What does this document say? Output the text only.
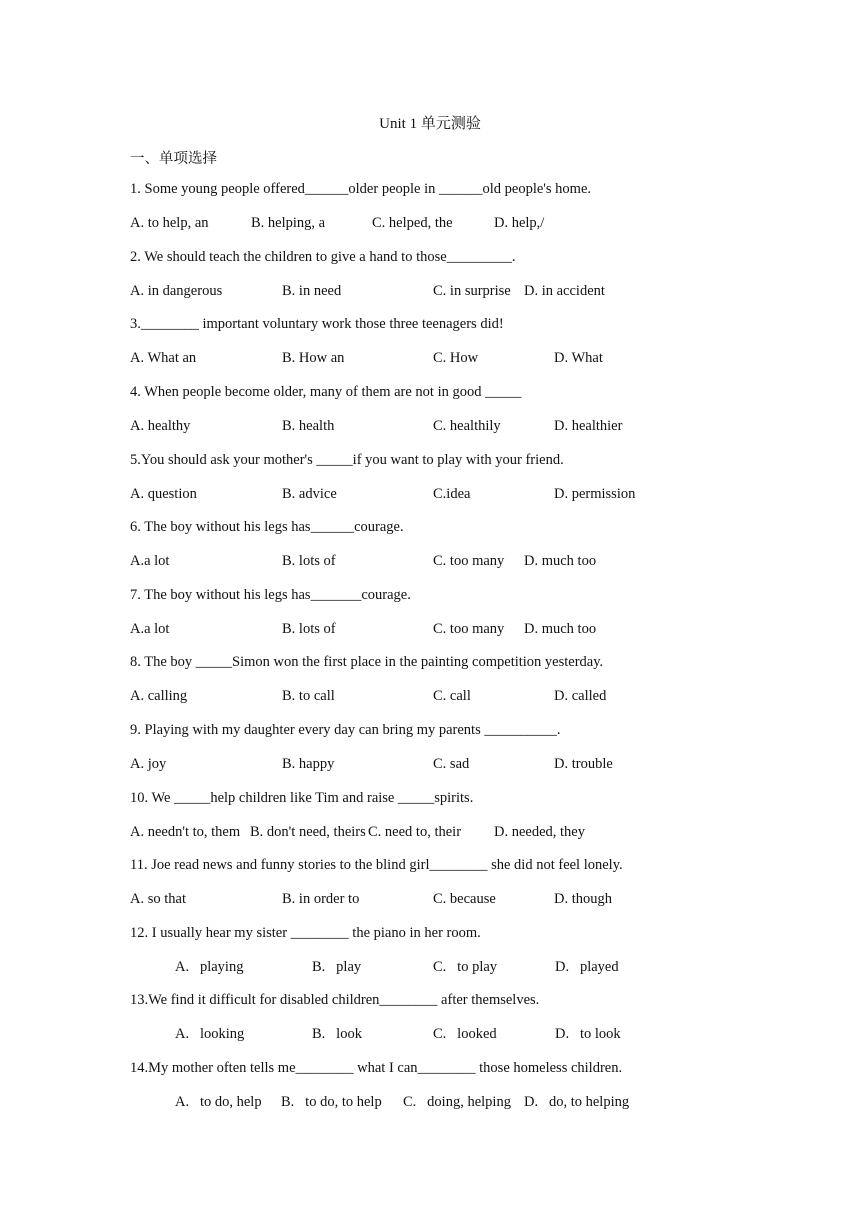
Unit 1 单元测验
一、单项选择
1. Some young people offered______older people in ______old people's home.
A. to help, an	B. helping, a	C. helped, the	D. help,/
2. We should teach the children to give a hand to those_________.
A. in dangerous	B. in need	C. in surprise D. in accident
3.________ important voluntary work those three teenagers did!
A. What an	B. How an	C. How	D. What
4. When people become older, many of them are not in good _____
A. healthy	B. health	C. healthily	D. healthier
5.You should ask your mother's _____if you want to play with your friend.
A. question	B. advice	C.idea	D. permission
6. The boy without his legs has______courage.
A.a lot	B. lots of	C. too many D. much too
7. The boy without his legs has_______courage.
A.a lot	B. lots of	C. too many D. much too
8. The boy _____Simon won the first place in the painting competition yesterday.
A. calling	B. to call	C. call	D. called
9. Playing with my daughter every day can bring my parents __________.
A. joy	B. happy	C. sad	D. trouble
10. We _____help children like Tim and raise _____spirits.
A. needn't to, them B. don't need, theirs C. need to, their D. needed, they
11. Joe read news and funny stories to the blind girl________ she did not feel lonely.
A. so that	B. in order to	C. because	D. though
12. I usually hear my sister ________ the piano in her room.
A.   playing	B.   play	C.   to play	D.   played
13.We find it difficult for disabled children________ after themselves.
A.   looking	B.   look	C.   looked	D.   to look
14.My mother often tells me________ what I can________ those homeless children.
A.   to do, help B.   to do, to help C.   doing, helping D.   do, to helping
